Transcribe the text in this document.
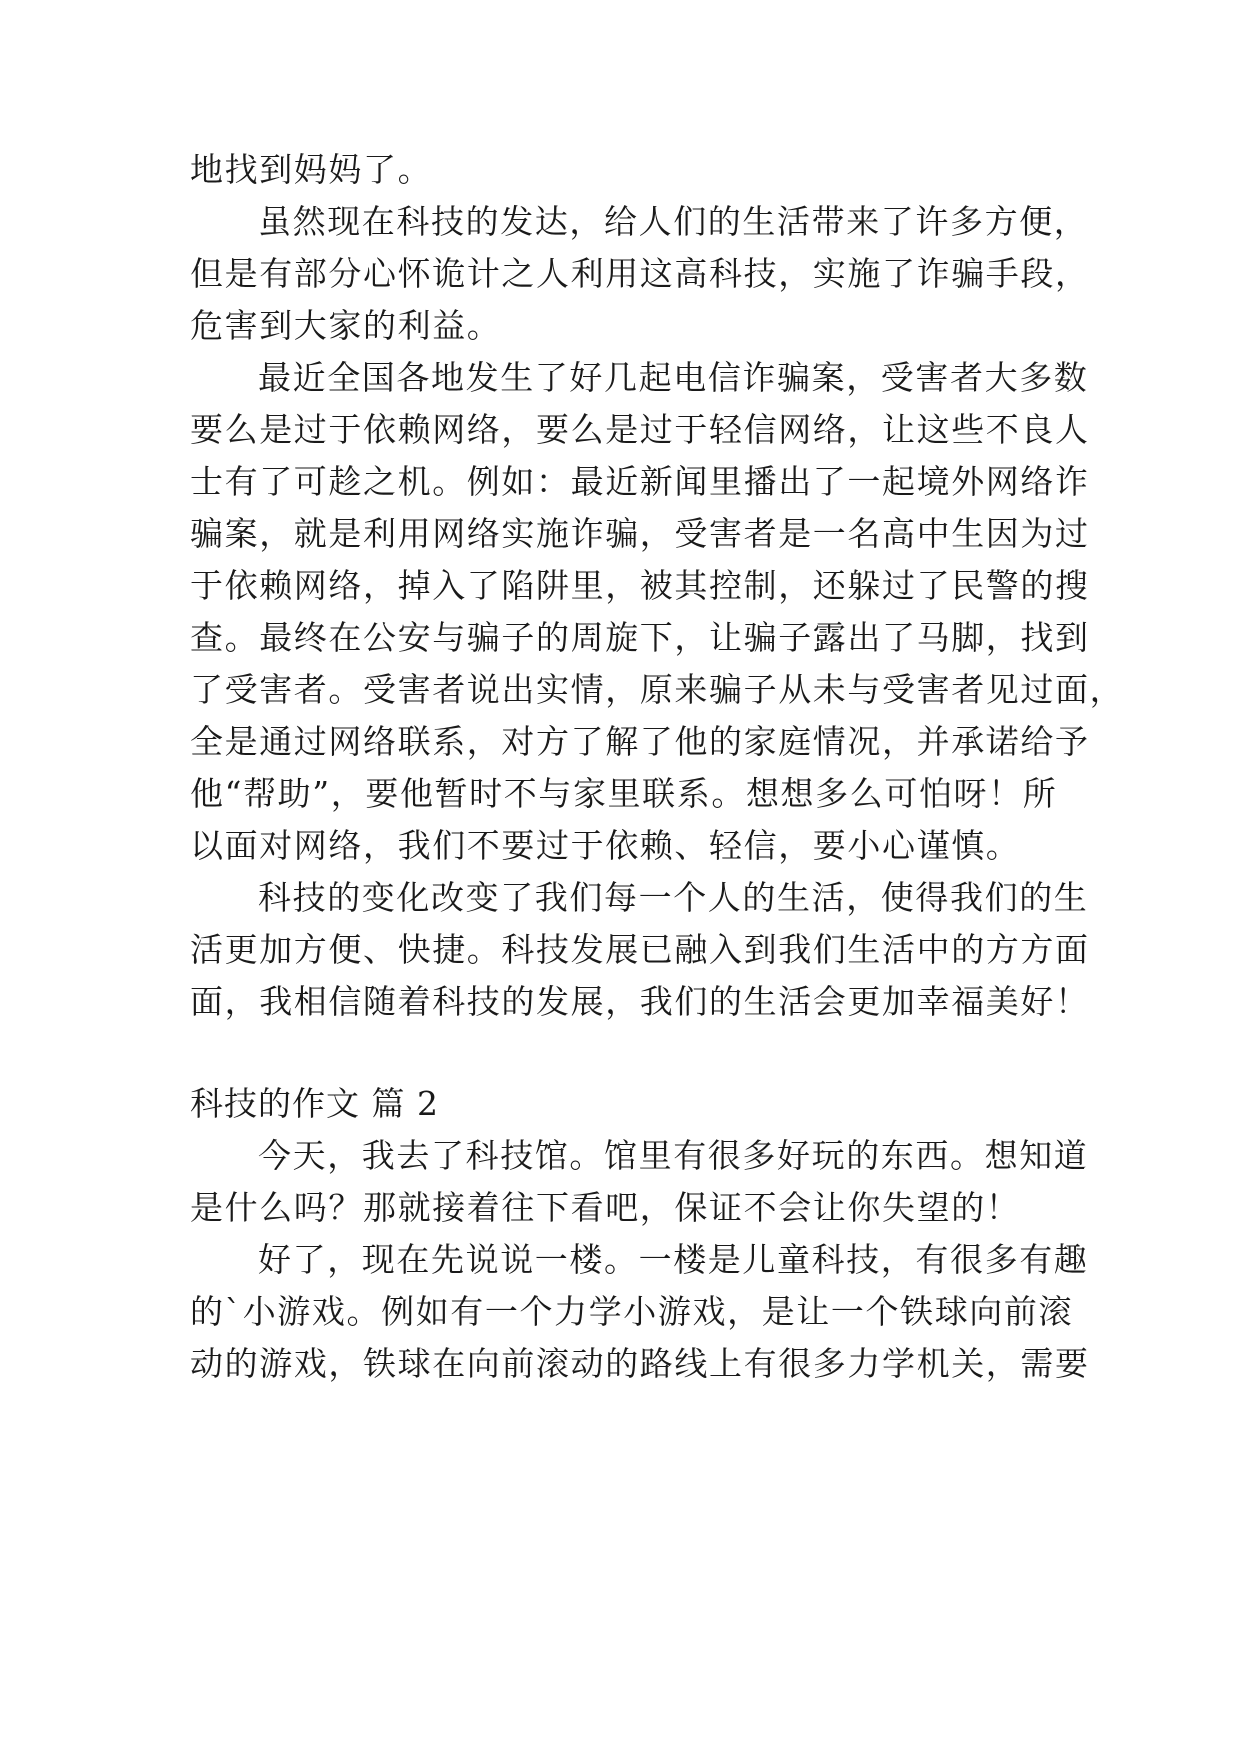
地找到妈妈了。
虽然现在科技的发达，给人们的生活带来了许多方便，
但是有部分心怀诡计之人利用这高科技，实施了诈骗手段，
危害到大家的利益。
最近全国各地发生了好几起电信诈骗案，受害者大多数
要么是过于依赖网络，要么是过于轻信网络，让这些不良人
士有了可趁之机。例如：最近新闻里播出了一起境外网络诈
骗案，就是利用网络实施诈骗，受害者是一名高中生因为过
于依赖网络，掉入了陷阱里，被其控制，还躲过了民警的搜
查。最终在公安与骗子的周旋下，让骗子露出了马脚，找到
了受害者。受害者说出实情，原来骗子从未与受害者见过面，
全是通过网络联系，对方了解了他的家庭情况，并承诺给予
他“帮助”，要他暂时不与家里联系。想想多么可怕呀！所
以面对网络，我们不要过于依赖、轻信，要小心谨慎。
科技的变化改变了我们每一个人的生活，使得我们的生
活更加方便、快捷。科技发展已融入到我们生活中的方方面
面，我相信随着科技的发展，我们的生活会更加幸福美好！
科技的作文 篇 2
今天，我去了科技馆。馆里有很多好玩的东西。想知道
是什么吗？那就接着往下看吧，保证不会让你失望的！
好了，现在先说说一楼。一楼是儿童科技，有很多有趣
的`小游戏。例如有一个力学小游戏，是让一个铁球向前滚
动的游戏，铁球在向前滚动的路线上有很多力学机关，需要
